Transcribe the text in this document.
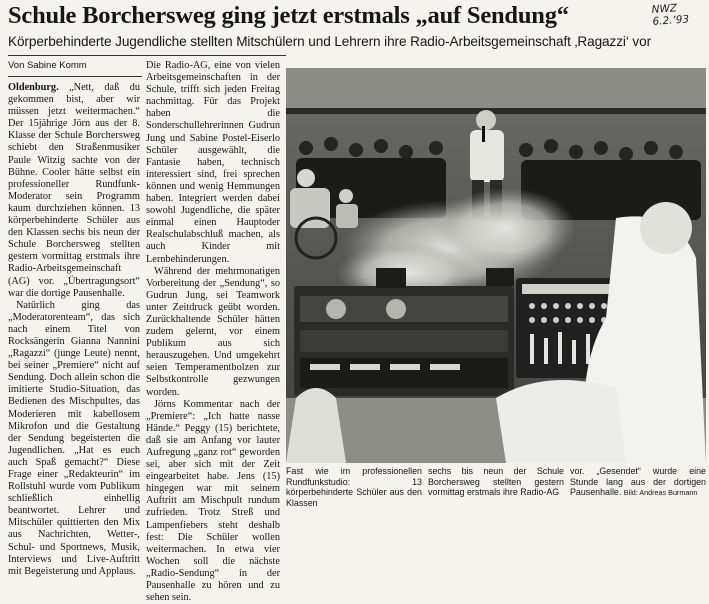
Schule Borchersweg ging jetzt erstmals „auf Sendung“	NWZ 6.2.’93
Körperbehinderte Jugendliche stellten Mitschülern und Lehrern ihre Radio-Arbeitsgemeinschaft ‚Ragazzi‘ vor
Von Sabine Komm

Oldenburg. „Nett, daß du gekommen bist, aber wir müssen jetzt weitermachen.“ Der 15jährige Jörn aus der 8. Klasse der Schule Borchersweg schiebt den Straßenmusiker Paule Witzig sachte von der Bühne. Cooler hätte selbst ein professioneller Rundfunk-Moderator sein Programm kaum durchziehen können. 13 körperbehinderte Schüler aus den Klassen sechs bis neun der Schule Borchersweg stellten gestern vormittag erstmals ihre Radio-Arbeitsgemeinschaft (AG) vor. „Übertragungsort“ war die dortige Pausenhalle.

Natürlich ging das „Moderatorenteam“, das sich nach einem Titel von Rocksängerin Gianna Nannini „Ragazzi“ (junge Leute) nennt, bei seiner „Premiere“ nicht auf Sendung. Doch allein schon die imitierte Studio-Situation, das Bedienen des Mischpultes, das Moderieren mit kabellosem Mikrofon und die Gestaltung der Sendung begeisterten die Jugendlichen. „Hat es euch auch Spaß gemacht?“ Diese Frage einer „Redakteurin“ im Rollstuhl wurde vom Publikum schließlich einhellig beantwortet. Lehrer und Mitschüler quittierten den Mix aus Nachrichten, Wetter-, Schul- und Sportnews, Musik, Interviews und Live-Auftritt mit Begeisterung und Applaus.

Die Radio-AG, eine von vielen Arbeitsgemeinschaften in der Schule, trifft sich jeden Freitag nachmittag. Für das Projekt haben die Sonderschullehrerinnen Gudrun Jung und Sabine Postel-Eiserlo Schüler ausgewählt, die Fantasie haben, technisch interessiert sind, frei sprechen können und wenig Hemmungen haben. Integriert werden dabei sowohl Jugendliche, die später einmal einen Hauptoder Realschulabschluß machen, als auch Kinder mit Lernbehinderungen.

Während der mehrmonatigen Vorbereitung der „Sendung“, so Gudrun Jung, sei Teamwork unter Zeitdruck geübt worden. Zurückhaltende Schüler hätten zudem gelernt, vor einem Publikum aus sich herauszugehen. Und umgekehrt seien Temperamentbolzen zur Selbstkontrolle gezwungen worden.

Jörns Kommentar nach der „Premiere“: „Ich hatte nasse Hände.“ Peggy (15) berichtete, daß sie am Anfang vor lauter Aufregung „ganz rot“ geworden sei, aber sich mit der Zeit eingearbeitet habe. Jens (15) hingegen war mit seinem Auftritt am Mischpult rundum zufrieden. Trotz Streß und Lampenfiebers steht deshalb fest: Die Schüler wollen weitermachen. In etwa vier Wochen soll die nächste „Radio-Sendung“ in der Pausenhalle zu hören und zu sehen sein.

Fast wie im professionellen Rundfunkstudio: 13 körperbehinderte Schüler aus den Klassen
sechs bis neun der Schule Borchersweg stellten gestern vormittag erstmals ihre Radio-AG
vor. „Gesendet“ wurde eine Stunde lang aus der dortigen Pausenhalle. Bild: Andreas Burmann
